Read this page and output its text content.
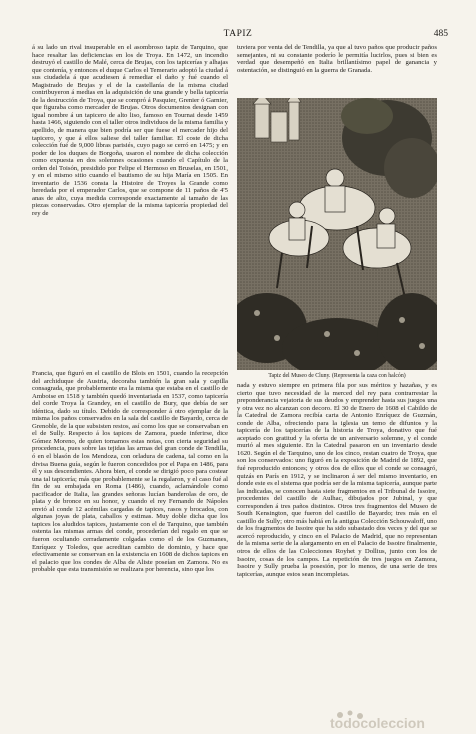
TAPIZ	485

á su lado un rival insuperable en el asombroso tapiz de Tarquino, que hace resaltar las deficiencias en los de Troya. En 1472, un incendio destruyó el castillo de Malé, cerca de Brujas, con los tapicerías y alhajas que contenía, y entonces el duque Carlos el Temerario adoptó la ciudad á sus ciudadela á que acudiesen á remediar el daño y fué cuando el Magistrado de Brujas y el de la castellanía de la misma ciudad contribuyeron á medias en la adquisición de una grande y bella tapicería de la destrucción de Troya, que se compró á Pasquier, Grenier ó Garnier, que figuraba como mercader de Brujas. Otros documentos designan con igual nombre á un tapicero de alto liso, famoso en Tournai desde 1459 hasta 1466, siguiendo con el taller otros individuos de la misma familia y apellido, de manera que bien podría ser que fuese el mercader hijo del tapicero, y que á ellos saliese del taller familiar. El coste de dicha colección fué de 9,000 libras parisiés, cuyo pago se cerró en 1475; y en poder de los duques de Borgoña, usaron el nombre de dicha colección como expuesta en dos solemnes ocasiones cuando el Capítulo de la orden del Toisón, presidido por Felipe el Hermoso en Bruselas, en 1501, y en el mismo sitio cuando el bautismo de su hija María en 1505. En inventario de 1536 consta la Histoire de Troyes la Grande como heredada por el emperador Carlos, que se compone de 11 paños de 4'5 anas de alto, cuya medida corresponde exactamente al tamaño de las piezas conservadas. Otro ejemplar de la misma tapicería propiedad del rey de

Francia, que figuró en el castillo de Blois en 1501, cuando la recepción del archiduque de Austria, decoraba también la gran sala y capilla consagrada, que probablemente era la misma que estaba en el castillo de Amboise en 1518 y también quedó inventariada en 1537, como tapicería del corde Troya la Grandey, en el castillo de Bury, que debía de ser idéntica, dado su título. Debido de corresponder á otro ejemplar de la misma los paños conservados en la sala del castillo de Bayardo, cerca de Grenoble, de la que subsisten restos, así como los que se conservaban en el de Sully. Respecto á los tapices de Zamora, puede inferirse, dice Gómez Moreno, de quien tomamos estas notas, con cierta seguridad su procedencia, pues sobre las tejidas las armas del gran conde de Tendilla, ó en el blasón de los Mendoza, con orladura de cadena, tal como en la divisa Buena guía, según le fueron concedidos por el Papa en 1486, para él y sus descendientes. Ahora bien, el conde se dirigió poco para costear una tal tapicería; más que probablemente se la regalaron, y el caso fué al fin de su embajada en Roma (1486), cuando, aclamándole como pacificador de Italia, las grandes señoras lucían banderolas de oro, de plata y de bronce en su honor, y cuando el rey Fernando de Nápoles envió al conde 12 acémilas cargadas de tapices, rasos y brocados, con algunas joyas de plata, caballos y estimas. Muy doble dicha que los tapices los aludidos tapices, justamente con el de Tarquino, que también ostenta las mismas armas del conde, procederían del regalo en que se fueron ocultando cerradamente colgadas como el de los Guzmanes, Enríquez y Toledos, que acreditan cambio de dominio, y hace que efectivamente se conservan en la existencia en 1608 de dichos tapices en el palacio que los condes de Alba de Aliste poseían en Zamora. No es probable que esta transmisión se realizara por herencia, sino que los

tuviera por venta del de Tendilla, ya que al tuvo paños que producir paños semejantes, ni su constante poderío le permitía lucirlos, pues si bien es verdad que desempeñó en Italia brillantísimo papel de ganancia y ostentación, se distinguió en la guerra de Granada.

Tapiz del Museo de Cluny. (Representa la caza con halcón)

nada y estuvo siempre en primera fila por sus méritos y hazañas, y es cierto que tuvo necesidad de la merced del rey para contrarrestar la preponderancia vejatoria de sus deudos y emprender hasta sus juegos una y otra vez no alcanzan con decoro. El 30 de Enero de 1608 el Cabildo de la Catedral de Zamora recibía carta de Antonio Enríquez de Guzmán, conde de Alba, ofreciendo para la iglesia un temo de difuntos y la tapicería de los tapicerías de la historia de Troya, donativo que fué aceptado con gratitud y la oferta de un aniversario solemne, y el conde murió al mes siguiente. En la Catedral pasaron en un inventario desde 1620. Según el de Tarquino, uno de los cinco, restan cuatro de Troya, que son los conservados: uno figuró en la exposición de Madrid de 1892, que fué reproducido entonces; y otros dos de ellos que el conde se consagró, quizás en París en 1912, y se inclinaron á ser del mismo inventario, en donde este es el sistema que podría ser de la misma tapicería, aunque parte las indicadas, se conocen hasta siete fragmentos en el Tribunal de Issoire, procedentes del castillo de Aulhac, dibujados por Jubinal, y que corresponden á tres paños distintos. Otros tres fragmentos del Museo de South Kensington, que fueron del castillo de Bayardo; tres más en el castillo de Sully; otro más habiá en la antigua Colección Schouwaloff, uno de los fragmentos de Issoire que ha sido subastado dos veces y del que se acercó reproducido, y cinco en el Palacio de Madrid, que no representan de la misma serie de la alargamento en en el Palacio de Issoire finalmente, otros de ellos de las Colecciones Royhet y Dollius, junto con los de Issoire, cosas de los campos. La repetición de tres juegos en Zamora, Issoire y Sully prueba la posesión, por lo menos, de una serie de tres tapicerías, aunque estos sean incompletas.

todocoleccion
